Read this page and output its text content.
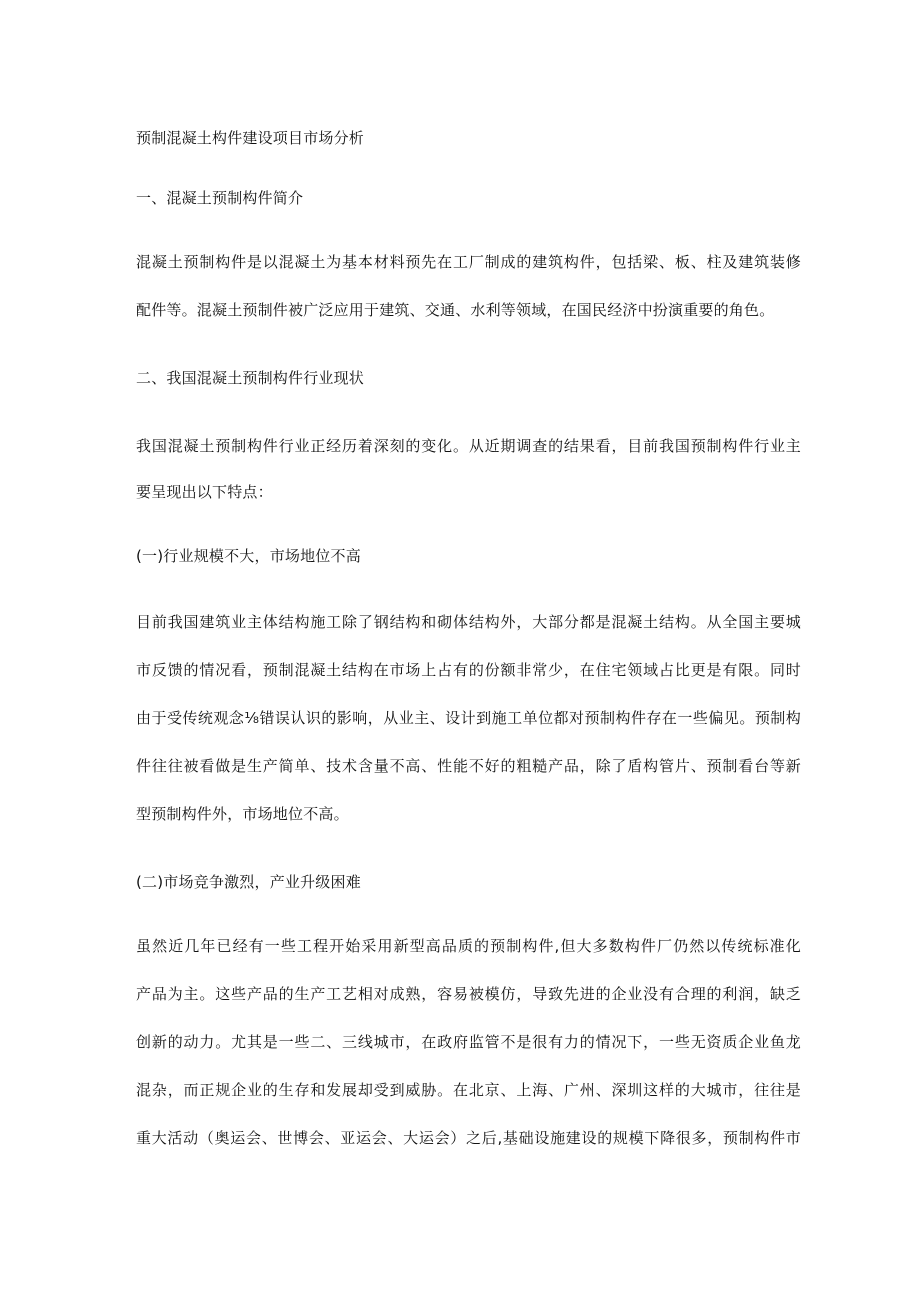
预制混凝土构件建设项目市场分析
一、混凝土预制构件简介
混凝土预制构件是以混凝土为基本材料预先在工厂制成的建筑构件，包括梁、板、柱及建筑装修
配件等。混凝土预制件被广泛应用于建筑、交通、水利等领域，在国民经济中扮演重要的角色。
二、我国混凝土预制构件行业现状
我国混凝土预制构件行业正经历着深刻的变化。从近期调查的结果看，目前我国预制构件行业主
要呈现出以下特点：
(一)行业规模不大，市场地位不高
目前我国建筑业主体结构施工除了钢结构和砌体结构外，大部分都是混凝土结构。从全国主要城
市反馈的情况看，预制混凝土结构在市场上占有的份额非常少，在住宅领域占比更是有限。同时
由于受传统观念⅛错误认识的影响，从业主、设计到施工单位都对预制构件存在一些偏见。预制构
件往往被看做是生产简单、技术含量不高、性能不好的粗糙产品，除了盾构管片、预制看台等新
型预制构件外，市场地位不高。
(二)市场竞争激烈，产业升级困难
虽然近几年已经有一些工程开始采用新型高品质的预制构件,但大多数构件厂仍然以传统标准化
产品为主。这些产品的生产工艺相对成熟，容易被模仿，导致先进的企业没有合理的利润，缺乏
创新的动力。尤其是一些二、三线城市，在政府监管不是很有力的情况下，一些无资质企业鱼龙
混杂，而正规企业的生存和发展却受到威胁。在北京、上海、广州、深圳这样的大城市，往往是
重大活动（奥运会、世博会、亚运会、大运会）之后,基础设施建设的规模下降很多，预制构件市
